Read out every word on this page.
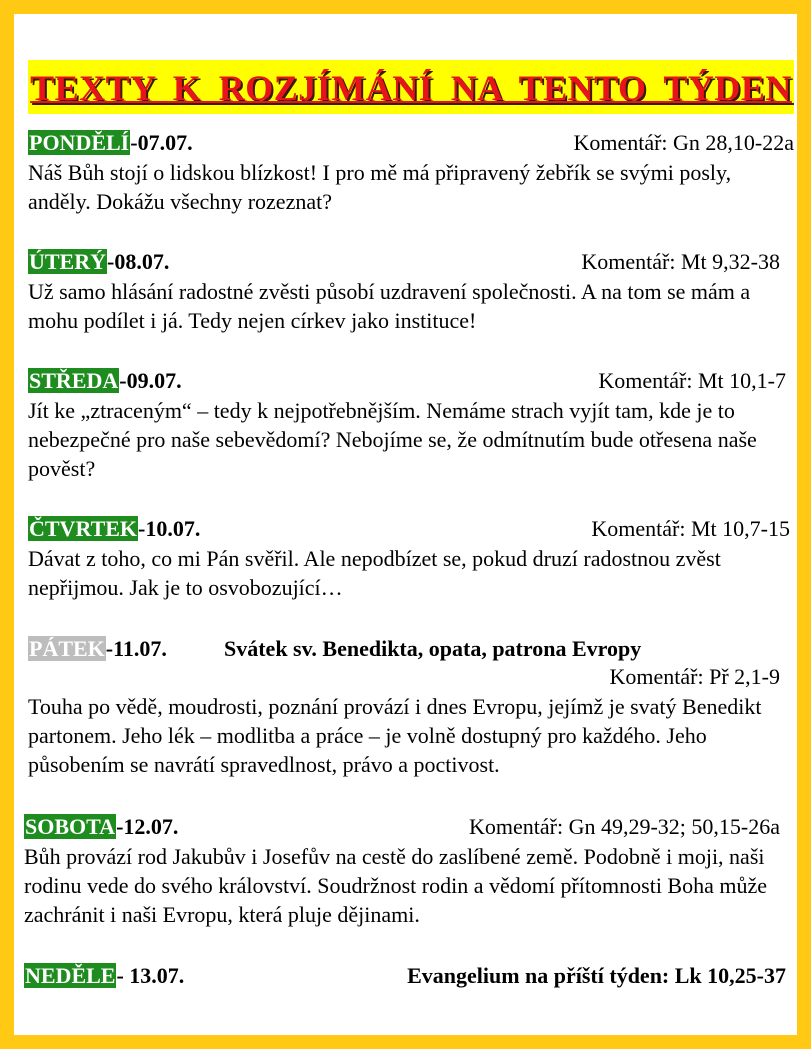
TEXTY K ROZJÍMÁNÍ NA TENTO TÝDEN
PONDĚLÍ-07.07.	Komentář: Gn 28,10-22a
Náš Bůh stojí o lidskou blízkost! I pro mě má připravený žebřík se svými posly, anděly. Dokážu všechny rozeznat?
ÚTERÝ-08.07.	Komentář: Mt 9,32-38
Už samo hlásání radostné zvěsti působí uzdravení společnosti. A na tom se mám a mohu podílet i já. Tedy nejen církev jako instituce!
STŘEDA-09.07.	Komentář: Mt 10,1-7
Jít ke „ztraceným“ – tedy k nejpotřebnějším. Nemáme strach vyjít tam, kde je to nebezpečné pro naše sebevědomí? Nebojíme se, že odmítnutím bude otřesena naše pověst?
ČTVRTEK-10.07.	Komentář: Mt 10,7-15
Dávat z toho, co mi Pán svěřil. Ale nepodbízet se, pokud druzí radostnou zvěst nepřijmou. Jak je to osvobozující…
PÁTEK-11.07.	Svátek sv. Benedikta, opata, patrona Evropy
Komentář: Př 2,1-9
Touha po vědě, moudrosti, poznání provází i dnes Evropu, jejímž je svatý Benedikt partonem. Jeho lék – modlitba a práce – je volně dostupný pro každého. Jeho působením se navrátí spravedlnost, právo a poctivost.
SOBOTA-12.07.	Komentář: Gn 49,29-32; 50,15-26a
Bůh provází rod Jakubův i Josefův na cestě do zaslíbené země. Podobně i moji, naši rodinu vede do svého království. Soudržnost rodin a vědomí přítomnosti Boha může zachránit i naši Evropu, která pluje dějinami.
NEDĚLE- 13.07.	Evangelium na příští týden: Lk 10,25-37
